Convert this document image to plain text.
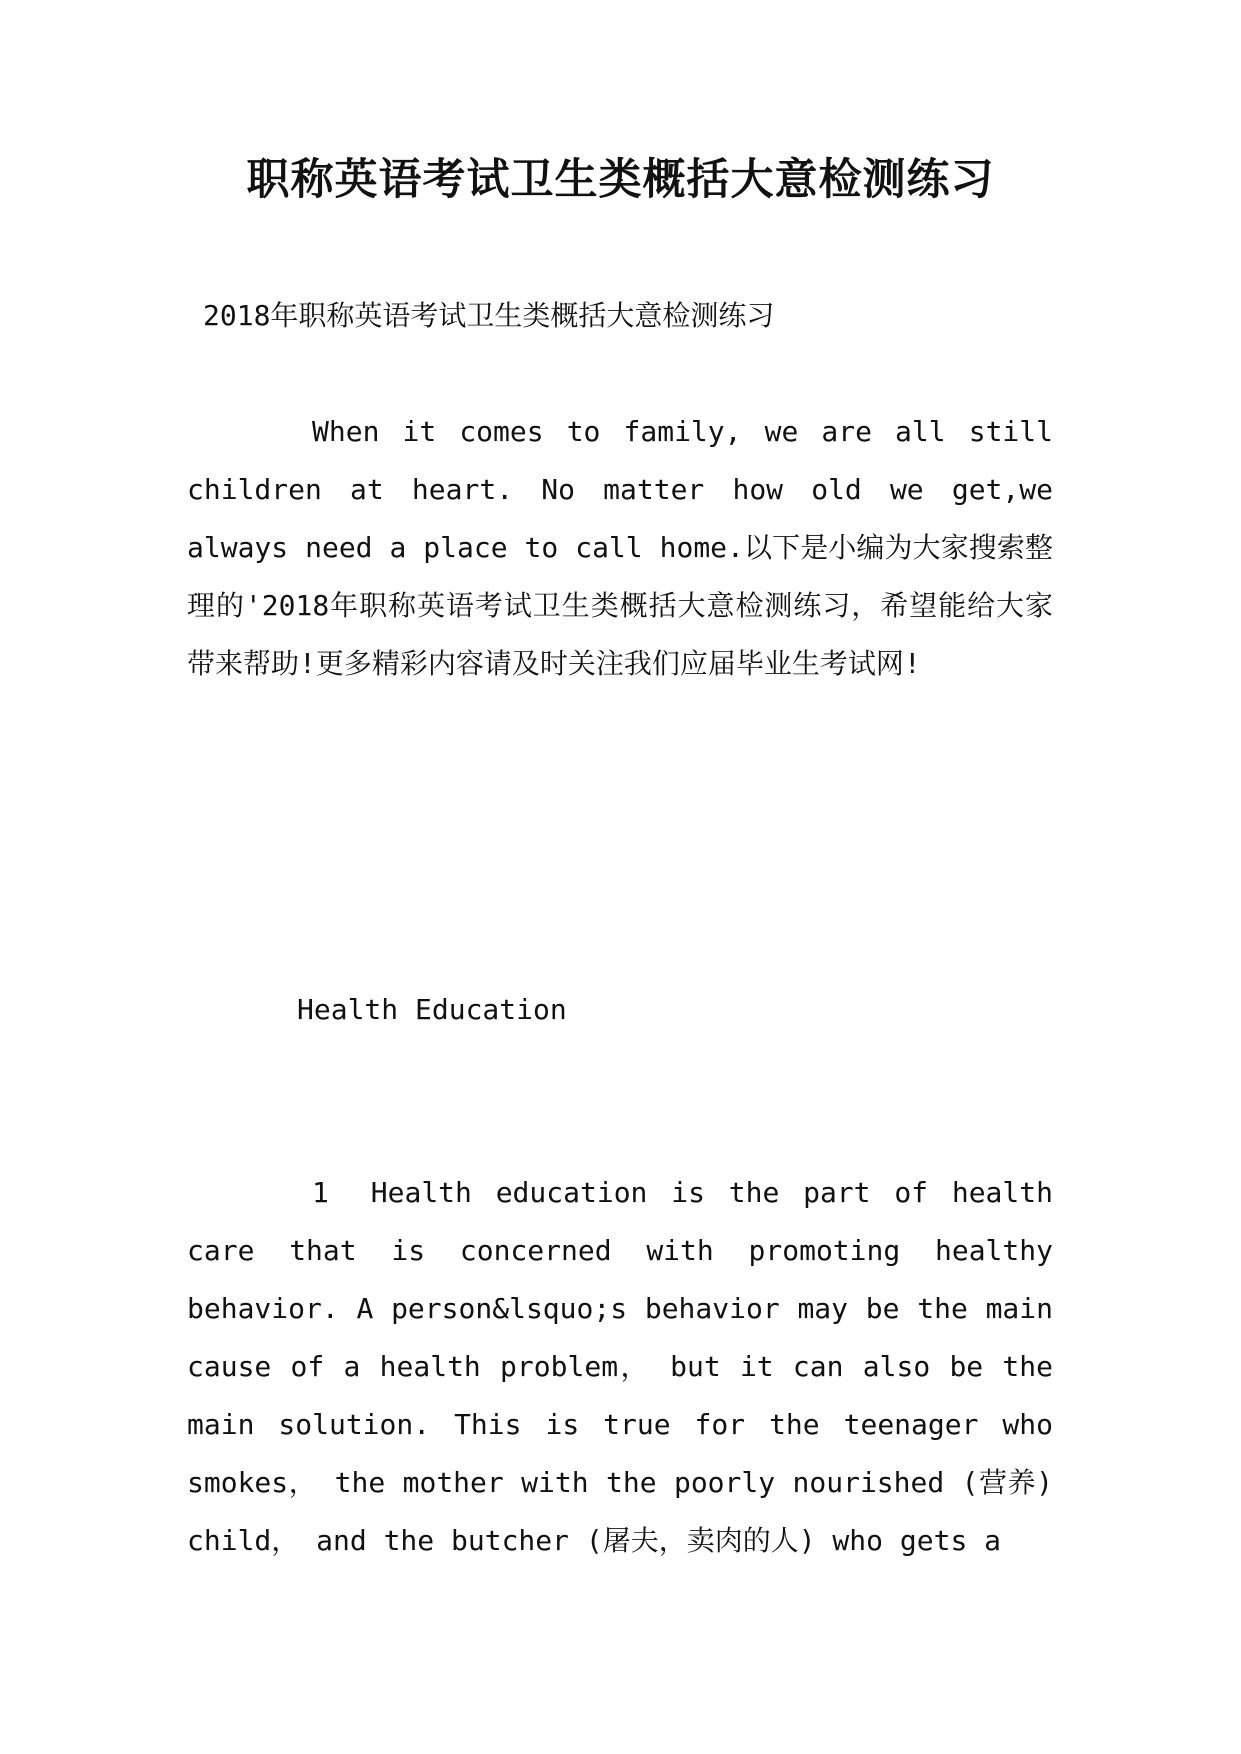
职称英语考试卫生类概括大意检测练习

2018年职称英语考试卫生类概括大意检测练习

When it comes to family, we are all still children at heart. No matter how old we get,we always need a place to call home.以下是小编为大家搜索整理的'2018年职称英语考试卫生类概括大意检测练习，希望能给大家带来帮助!更多精彩内容请及时关注我们应届毕业生考试网!

Health Education

1　Health education is the part of health care that is concerned with promoting healthy behavior. A person&lsquo;s behavior may be the main cause of a health problem， but it can also be the main solution. This is true for the teenager who smokes， the mother with the poorly nourished (营养) child， and the butcher (屠夫，卖肉的人) who gets a
